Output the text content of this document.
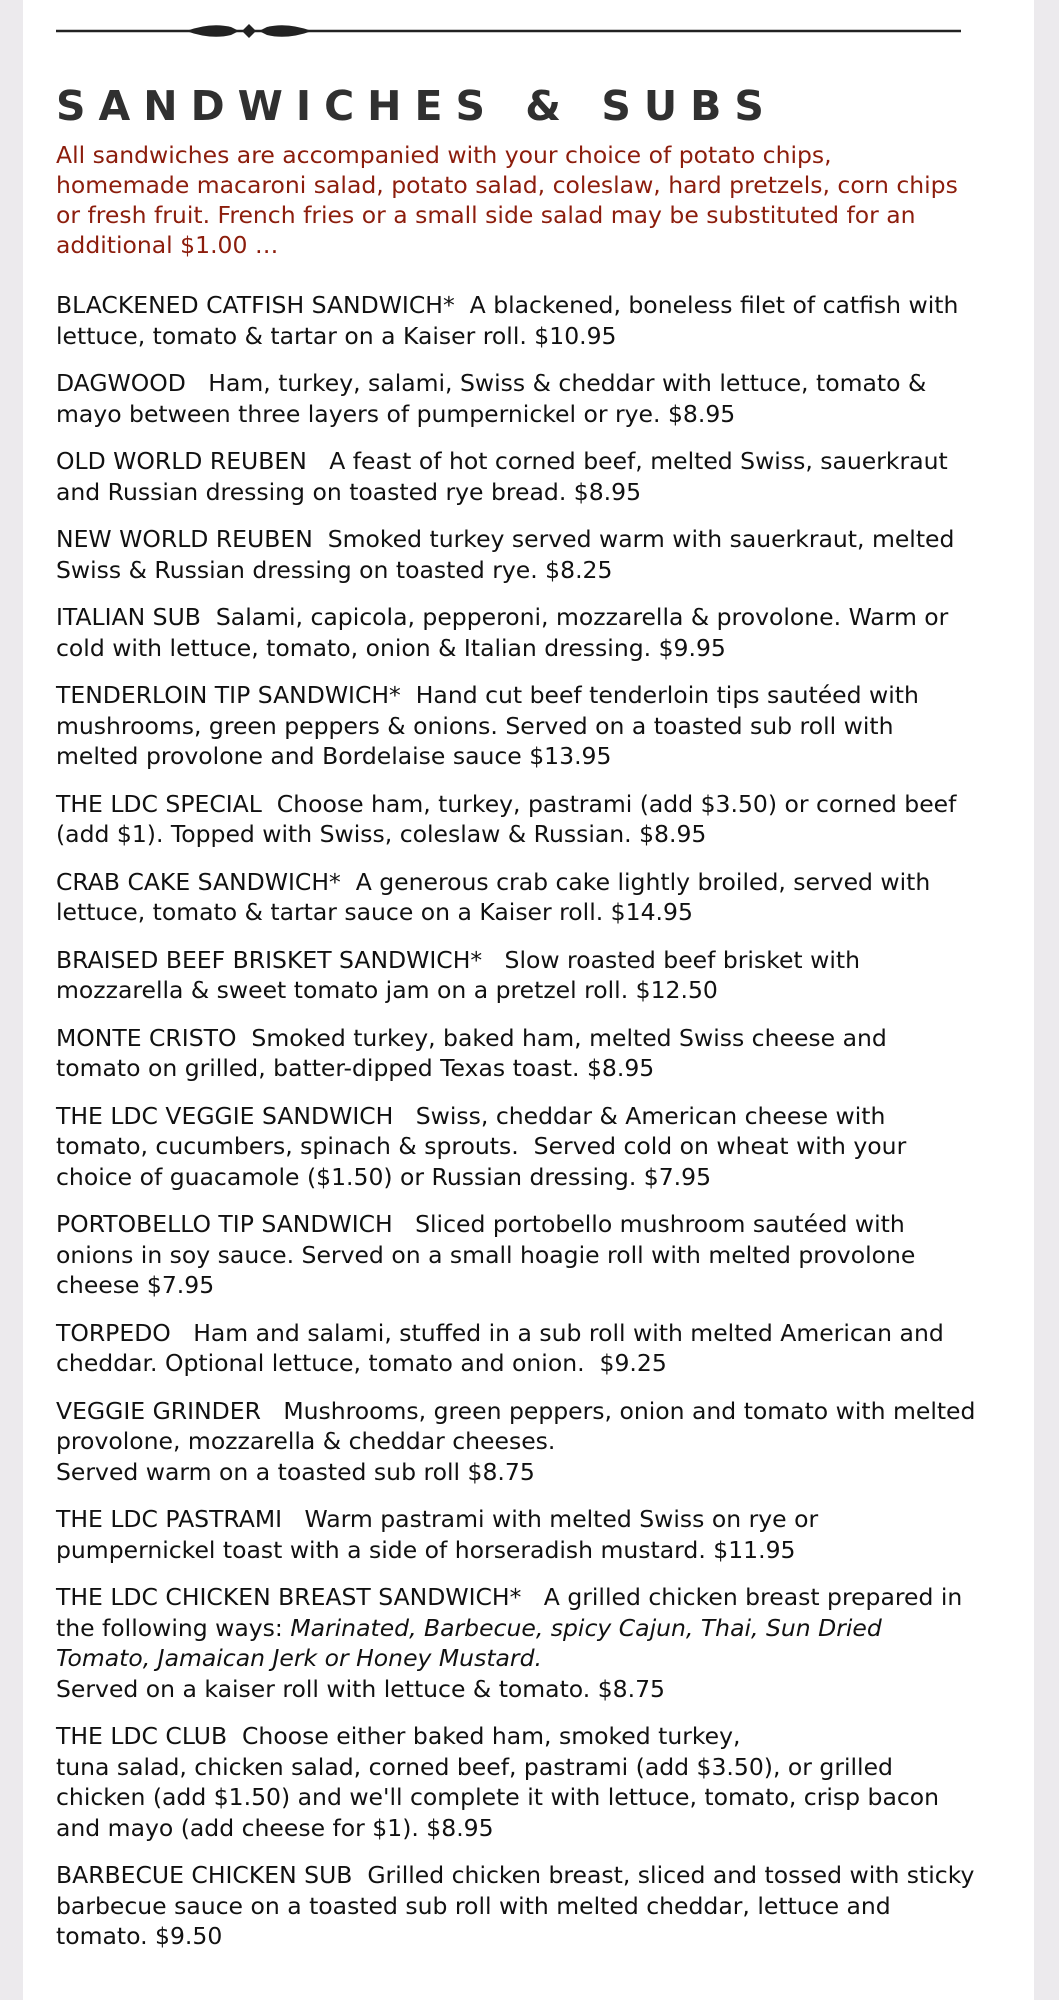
SANDWICHES & SUBS

All sandwiches are accompanied with your choice of potato chips, homemade macaroni salad, potato salad, coleslaw, hard pretzels, corn chips or fresh fruit. French fries or a small side salad may be substituted for an additional $1.00 …

BLACKENED CATFISH SANDWICH*  A blackened, boneless filet of catfish with lettuce, tomato & tartar on a Kaiser roll. $10.95

DAGWOOD   Ham, turkey, salami, Swiss & cheddar with lettuce, tomato & mayo between three layers of pumpernickel or rye. $8.95

OLD WORLD REUBEN   A feast of hot corned beef, melted Swiss, sauerkraut and Russian dressing on toasted rye bread. $8.95

NEW WORLD REUBEN  Smoked turkey served warm with sauerkraut, melted Swiss & Russian dressing on toasted rye. $8.25

ITALIAN SUB  Salami, capicola, pepperoni, mozzarella & provolone. Warm or cold with lettuce, tomato, onion & Italian dressing. $9.95

TENDERLOIN TIP SANDWICH*  Hand cut beef tenderloin tips sautéed with mushrooms, green peppers & onions. Served on a toasted sub roll with melted provolone and Bordelaise sauce $13.95

THE LDC SPECIAL  Choose ham, turkey, pastrami (add $3.50) or corned beef (add $1). Topped with Swiss, coleslaw & Russian. $8.95

CRAB CAKE SANDWICH*  A generous crab cake lightly broiled, served with lettuce, tomato & tartar sauce on a Kaiser roll. $14.95

BRAISED BEEF BRISKET SANDWICH*   Slow roasted beef brisket with mozzarella & sweet tomato jam on a pretzel roll. $12.50

MONTE CRISTO  Smoked turkey, baked ham, melted Swiss cheese and tomato on grilled, batter-dipped Texas toast. $8.95

THE LDC VEGGIE SANDWICH   Swiss, cheddar & American cheese with tomato, cucumbers, spinach & sprouts.  Served cold on wheat with your choice of guacamole ($1.50) or Russian dressing. $7.95

PORTOBELLO TIP SANDWICH   Sliced portobello mushroom sautéed with onions in soy sauce. Served on a small hoagie roll with melted provolone cheese $7.95

TORPEDO   Ham and salami, stuffed in a sub roll with melted American and cheddar. Optional lettuce, tomato and onion.  $9.25

VEGGIE GRINDER   Mushrooms, green peppers, onion and tomato with melted provolone, mozzarella & cheddar cheeses.
Served warm on a toasted sub roll $8.75

THE LDC PASTRAMI   Warm pastrami with melted Swiss on rye or pumpernickel toast with a side of horseradish mustard. $11.95

THE LDC CHICKEN BREAST SANDWICH*   A grilled chicken breast prepared in the following ways: Marinated, Barbecue, spicy Cajun, Thai, Sun Dried Tomato, Jamaican Jerk or Honey Mustard.
Served on a kaiser roll with lettuce & tomato. $8.75

THE LDC CLUB  Choose either baked ham, smoked turkey,
tuna salad, chicken salad, corned beef, pastrami (add $3.50), or grilled chicken (add $1.50) and we'll complete it with lettuce, tomato, crisp bacon and mayo (add cheese for $1). $8.95

BARBECUE CHICKEN SUB  Grilled chicken breast, sliced and tossed with sticky barbecue sauce on a toasted sub roll with melted cheddar, lettuce and tomato. $9.50
